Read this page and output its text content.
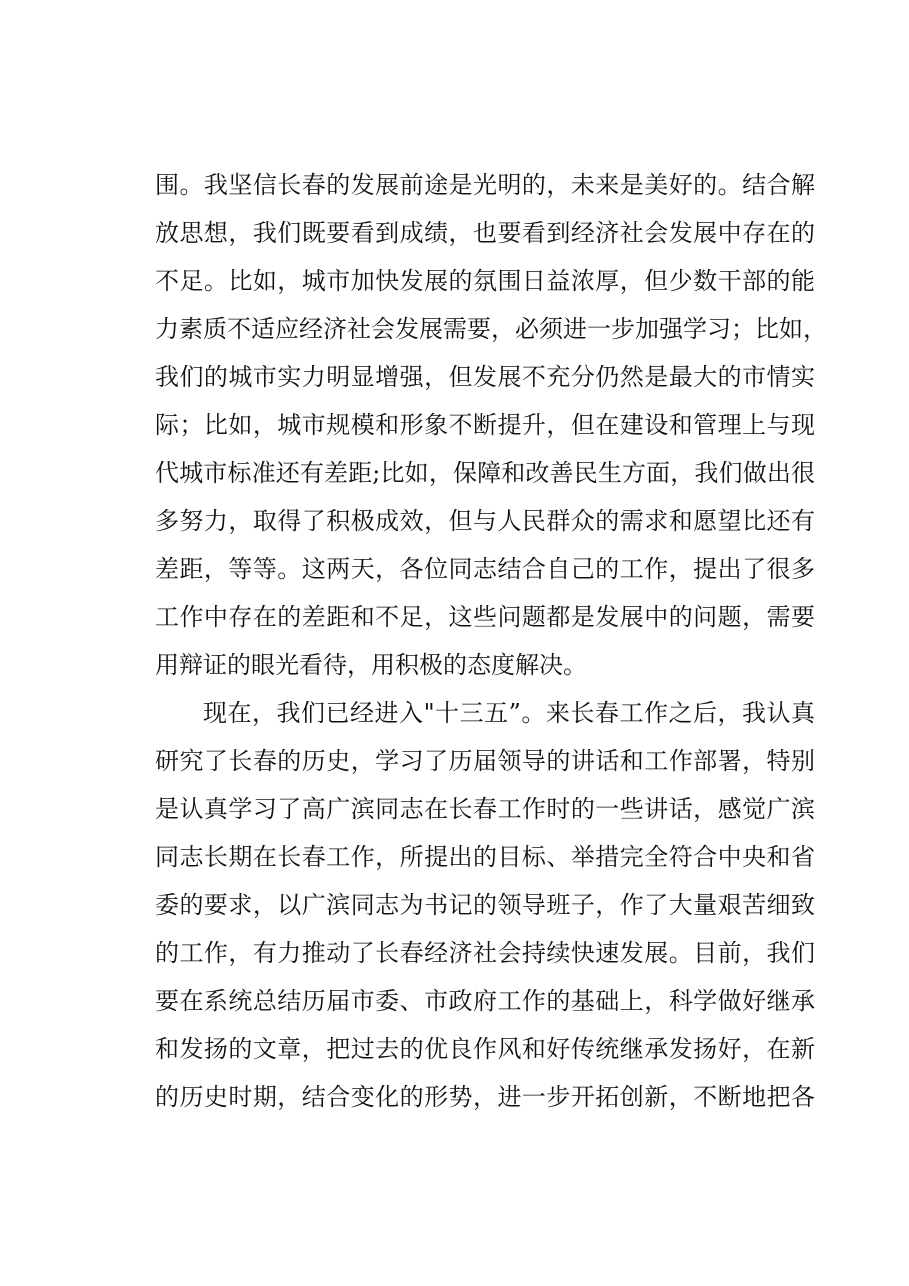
围。我坚信长春的发展前途是光明的，未来是美好的。结合解
放思想，我们既要看到成绩，也要看到经济社会发展中存在的
不足。比如，城市加快发展的氛围日益浓厚，但少数干部的能
力素质不适应经济社会发展需要，必须进一步加强学习；比如，
我们的城市实力明显增强，但发展不充分仍然是最大的市情实
际；比如，城市规模和形象不断提升，但在建设和管理上与现
代城市标准还有差距;比如，保障和改善民生方面，我们做出很
多努力，取得了积极成效，但与人民群众的需求和愿望比还有
差距，等等。这两天，各位同志结合自己的工作，提出了很多
工作中存在的差距和不足，这些问题都是发展中的问题，需要
用辩证的眼光看待，用积极的态度解决。
现在，我们已经进入"十三五”。来长春工作之后，我认真
研究了长春的历史，学习了历届领导的讲话和工作部署，特别
是认真学习了高广滨同志在长春工作时的一些讲话，感觉广滨
同志长期在长春工作，所提出的目标、举措完全符合中央和省
委的要求，以广滨同志为书记的领导班子，作了大量艰苦细致
的工作，有力推动了长春经济社会持续快速发展。目前，我们
要在系统总结历届市委、市政府工作的基础上，科学做好继承
和发扬的文章，把过去的优良作风和好传统继承发扬好，在新
的历史时期，结合变化的形势，进一步开拓创新，不断地把各
